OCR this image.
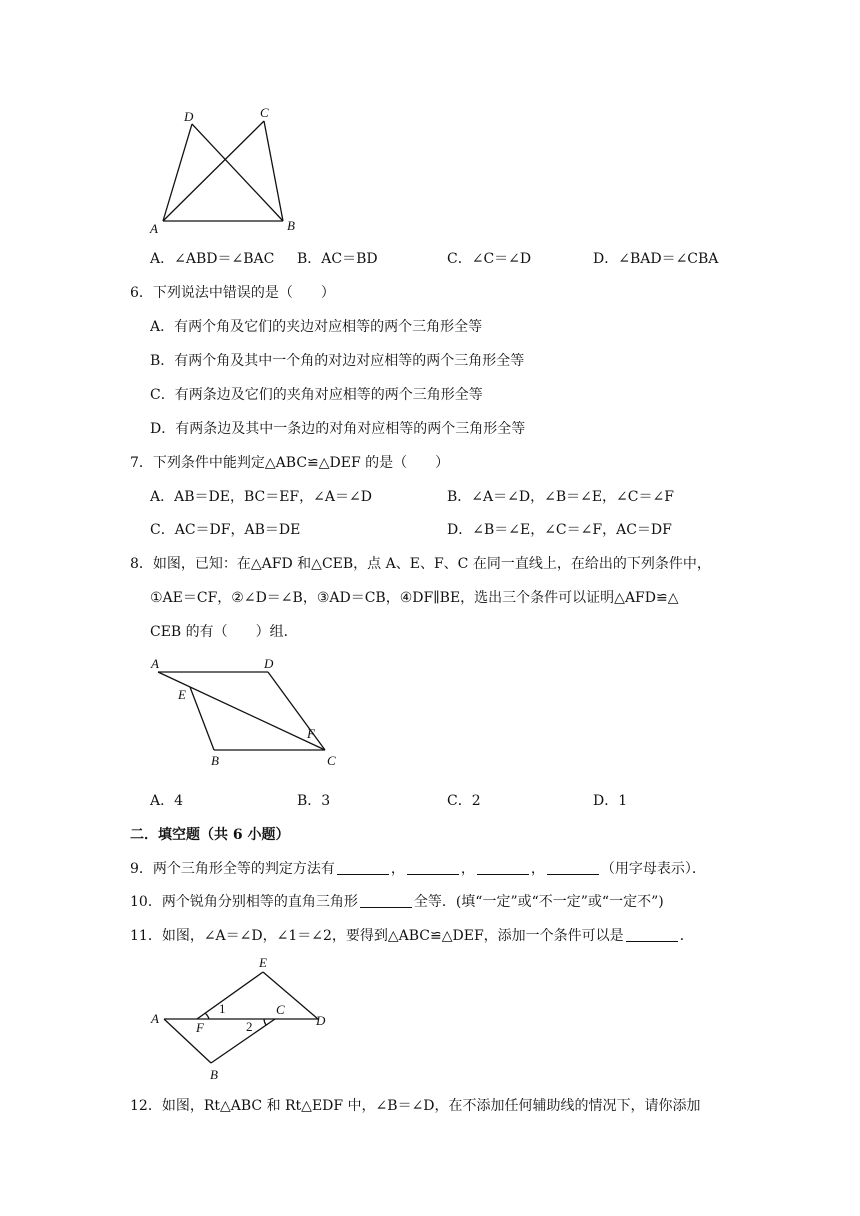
D	C
A	B
A．∠ABD＝∠BAC B．AC＝BD	C．∠C＝∠D	D．∠BAD＝∠CBA
6．下列说法中错误的是（　　）
A．有两个角及它们的夹边对应相等的两个三角形全等
B．有两个角及其中一个角的对边对应相等的两个三角形全等
C．有两条边及它们的夹角对应相等的两个三角形全等
D．有两条边及其中一条边的对角对应相等的两个三角形全等
7．下列条件中能判定△ABC≌△DEF 的是（　　）
A．AB＝DE，BC＝EF，∠A＝∠D	B．∠A＝∠D，∠B＝∠E，∠C＝∠F
C．AC＝DF，AB＝DE	D．∠B＝∠E，∠C＝∠F，AC＝DF
8．如图，已知：在△AFD 和△CEB，点 A、E、F、C 在同一直线上，在给出的下列条件中，
①AE＝CF，②∠D＝∠B，③AD＝CB，④DF∥BE，选出三个条件可以证明△AFD≌△
CEB 的有（　　）组．
A	D
E
F
B	C
A．4	B．3	C．2	D．1
二．填空题（共 6 小题）
9．两个三角形全等的判定方法有	，	，	，	（用字母表示）．
10．两个锐角分别相等的直角三角形	全等．(填“一定”或“不一定”或“一定不”)
11．如图，∠A＝∠D，∠1＝∠2，要得到△ABC≌△DEF，添加一个条件可以是	．
E
A
F
C
D
B
1
2
12．如图，Rt△ABC 和 Rt△EDF 中，∠B＝∠D，在不添加任何辅助线的情况下，请你添加
